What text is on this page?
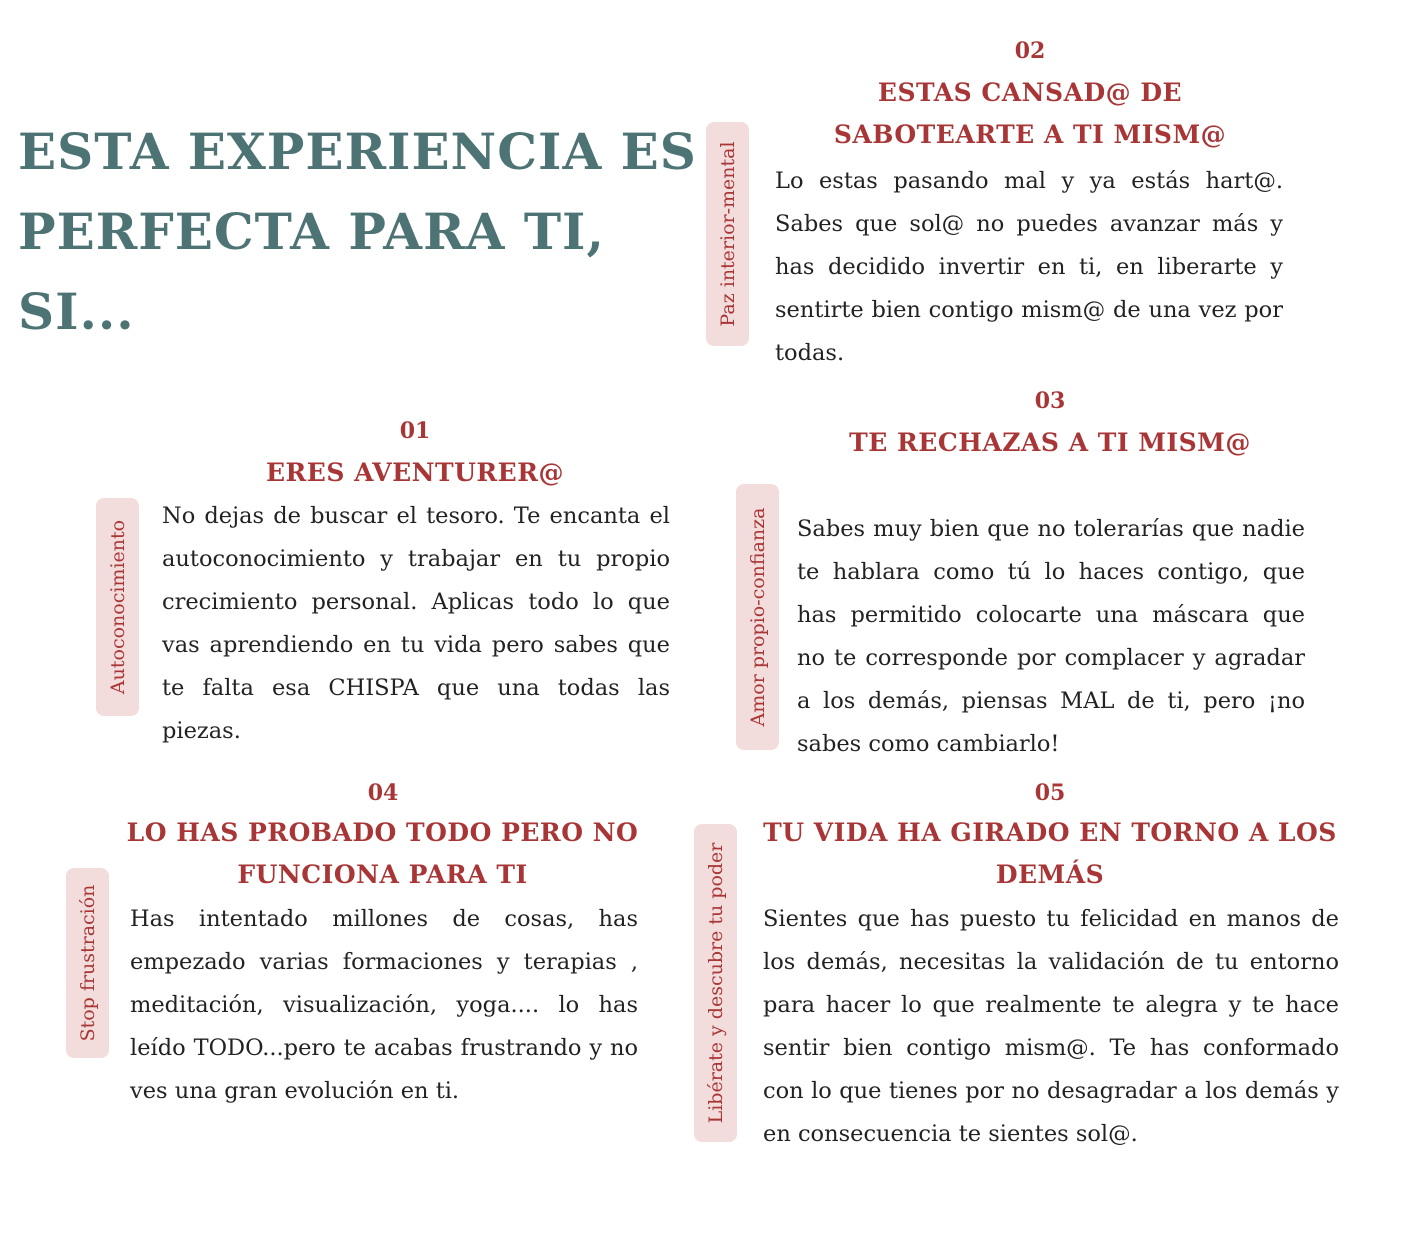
ESTA EXPERIENCIA ES PERFECTA PARA TI, SI...
02
ESTAS CANSAD@ DE SABOTEARTE A TI MISM@
Paz interior-mental Lo estas pasando mal y ya estás hart@. Sabes que sol@ no puedes avanzar más y has decidido invertir en ti, en liberarte y sentirte bien contigo mism@ de una vez por todas.

01
ERES AVENTURER@
Autoconocimiento

No dejas de buscar el tesoro. Te encanta el autoconocimiento y trabajar en tu propio crecimiento personal. Aplicas todo lo que vas aprendiendo en tu vida pero sabes que te falta esa CHISPA que una todas las piezas.

03
TE RECHAZAS A TI MISM@
Amor propio-confianza Sabes muy bien que no tolerarías que nadie te hablara como tú lo haces contigo, que has permitido colocarte una máscara que no te corresponde por complacer y agradar a los demás, piensas MAL de ti, pero ¡no sabes como cambiarlo!

04
LO HAS PROBADO TODO PERO NO FUNCIONA PARA TI
Stop frustración Has intentado millones de cosas, has empezado varias formaciones y terapias , meditación, visualización, yoga.... lo has leído TODO...pero te acabas frustrando y no ves una gran evolución en ti.

05
TU VIDA HA GIRADO EN TORNO A LOS DEMÁS
Libérate y descubre tu poder Sientes que has puesto tu felicidad en manos de los demás, necesitas la validación de tu entorno para hacer lo que realmente te alegra y te hace sentir bien contigo mism@. Te has conformado con lo que tienes por no desagradar a los demás y en consecuencia te sientes sol@.
